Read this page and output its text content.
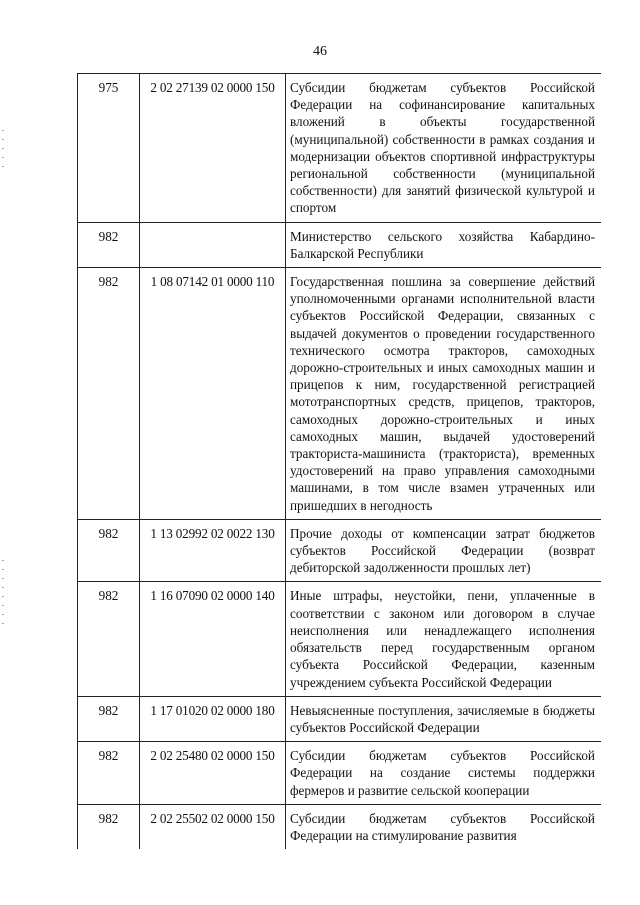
46
975	2 02 27139 02 0000 150	Субсидии бюджетам субъектов Российской Федерации на софинансирование капитальных вложений в объекты государственной (муниципальной) собственности в рамках создания и модернизации объектов спортивной инфраструктуры региональной собственности (муниципальной собственности) для занятий физической культурой и спортом
982		Министерство сельского хозяйства Кабардино-Балкарской Республики
982	1 08 07142 01 0000 110	Государственная пошлина за совершение действий уполномоченными органами исполнительной власти субъектов Российской Федерации, связанных с выдачей документов о проведении государственного технического осмотра тракторов, самоходных дорожно-строительных и иных самоходных машин и прицепов к ним, государственной регистрацией мототранспортных средств, прицепов, тракторов, самоходных дорожно-строительных и иных самоходных машин, выдачей удостоверений тракториста-машиниста (тракториста), временных удостоверений на право управления самоходными машинами, в том числе взамен утраченных или пришедших в негодность
982	1 13 02992 02 0022 130	Прочие доходы от компенсации затрат бюджетов субъектов Российской Федерации (возврат дебиторской задолженности прошлых лет)
982	1 16 07090 02 0000 140	Иные штрафы, неустойки, пени, уплаченные в соответствии с законом или договором в случае неисполнения или ненадлежащего исполнения обязательств перед государственным органом субъекта Российской Федерации, казенным учреждением субъекта Российской Федерации
982	1 17 01020 02 0000 180	Невыясненные поступления, зачисляемые в бюджеты субъектов Российской Федерации
982	2 02 25480 02 0000 150	Субсидии бюджетам субъектов Российской Федерации на создание системы поддержки фермеров и развитие сельской кооперации
982	2 02 25502 02 0000 150	Субсидии бюджетам субъектов Российской Федерации на стимулирование развития
